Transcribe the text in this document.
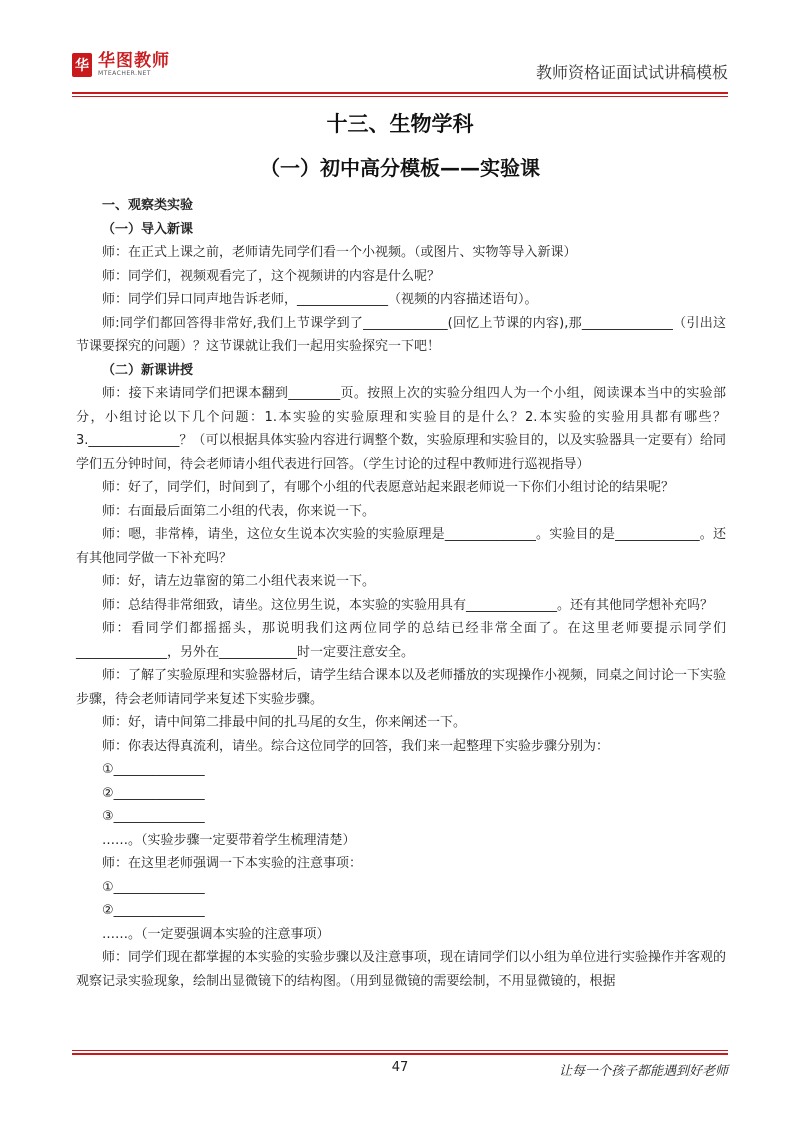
华 华图教师
MTEACHER.NET	教师资格证面试试讲稿模板
十三、生物学科
（一）初中高分模板——实验课

一、观察类实验

（一）导入新课

师：在正式上课之前，老师请先同学们看一个小视频。（或图片、实物等导入新课）

师：同学们，视频观看完了，这个视频讲的内容是什么呢？

师：同学们异口同声地告诉老师，______________（视频的内容描述语句）。

师:同学们都回答得非常好,我们上节课学到了_____________(回忆上节课的内容),那______________（引出这节课要探究的问题）？这节课就让我们一起用实验探究一下吧！

（二）新课讲授

师：接下来请同学们把课本翻到________页。按照上次的实验分组四人为一个小组，阅读课本当中的实验部分，小组讨论以下几个问题：1.本实验的实验原理和实验目的是什么？2.本实验的实验用具都有哪些？3.______________？（可以根据具体实验内容进行调整个数，实验原理和实验目的，以及实验器具一定要有）给同学们五分钟时间，待会老师请小组代表进行回答。（学生讨论的过程中教师进行巡视指导）

师：好了，同学们，时间到了，有哪个小组的代表愿意站起来跟老师说一下你们小组讨论的结果呢？

师：右面最后面第二小组的代表，你来说一下。

师：嗯，非常棒，请坐，这位女生说本次实验的实验原理是______________。实验目的是_____________。还有其他同学做一下补充吗？

师：好，请左边靠窗的第二小组代表来说一下。

师：总结得非常细致，请坐。这位男生说，本实验的实验用具有______________。还有其他同学想补充吗？

师：看同学们都摇摇头，那说明我们这两位同学的总结已经非常全面了。在这里老师要提示同学们______________，另外在____________时一定要注意安全。

师：了解了实验原理和实验器材后，请学生结合课本以及老师播放的实现操作小视频，同桌之间讨论一下实验步骤，待会老师请同学来复述下实验步骤。

师：好，请中间第二排最中间的扎马尾的女生，你来阐述一下。

师：你表达得真流利，请坐。综合这位同学的回答，我们来一起整理下实验步骤分别为：

①______________

②______________

③______________

……。（实验步骤一定要带着学生梳理清楚）

师：在这里老师强调一下本实验的注意事项：

①______________

②______________

……。（一定要强调本实验的注意事项）

师：同学们现在都掌握的本实验的实验步骤以及注意事项，现在请同学们以小组为单位进行实验操作并客观的观察记录实验现象，绘制出显微镜下的结构图。（用到显微镜的需要绘制，不用显微镜的，根据

47	让每一个孩子都能遇到好老师
